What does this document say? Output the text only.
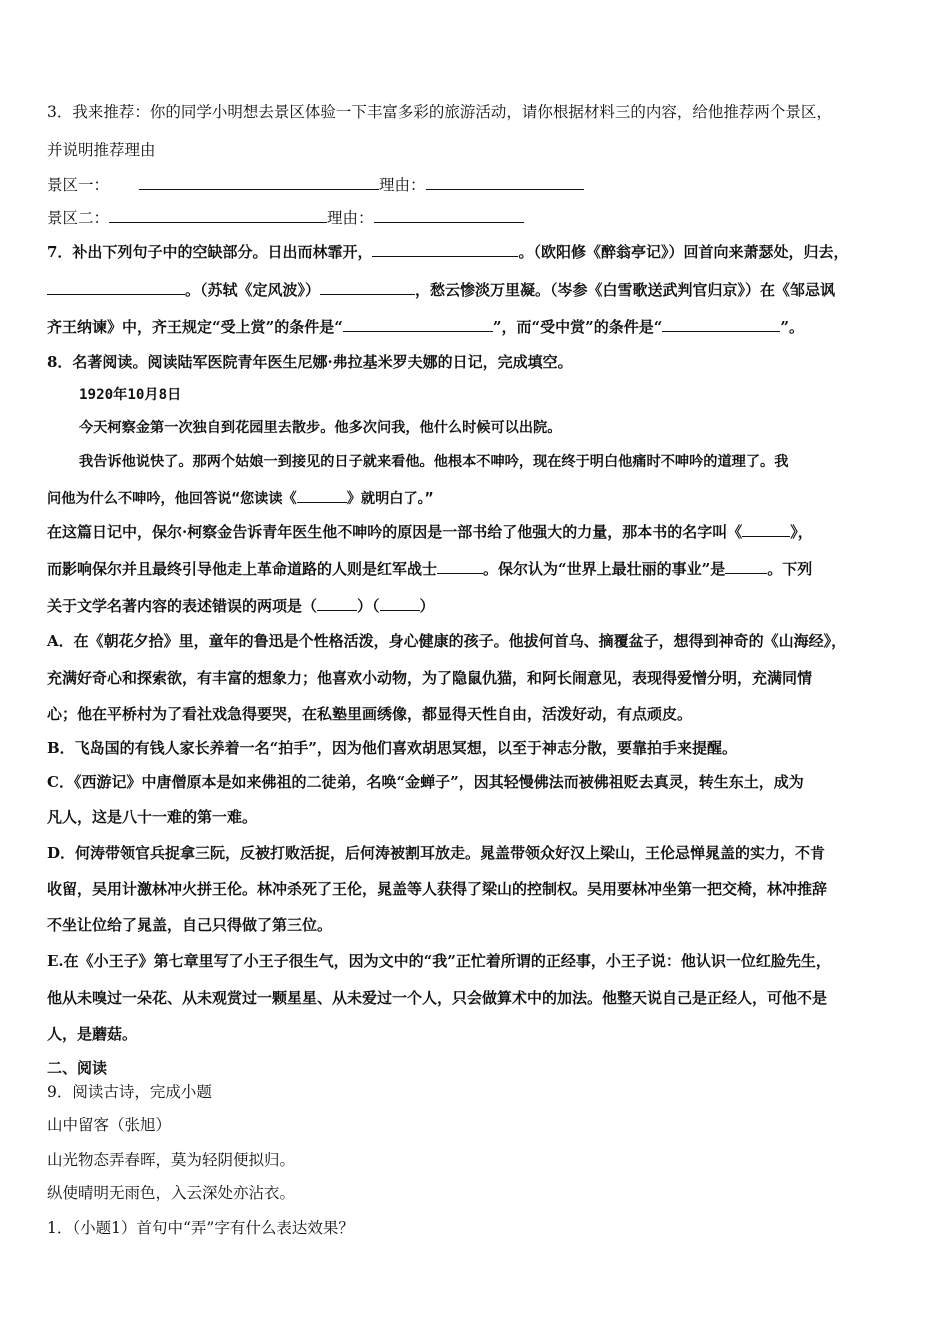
3．我来推荐：你的同学小明想去景区体验一下丰富多彩的旅游活动，请你根据材料三的内容，给他推荐两个景区，
并说明推荐理由
景区一：	理由：
景区二：	理由：
7．补出下列句子中的空缺部分。日出而林霏开，	。（欧阳修《醉翁亭记》）回首向来萧瑟处，归去，
。（苏轼《定风波》）	，愁云惨淡万里凝。（岑参《白雪歌送武判官归京》）在《邹忌讽
齐王纳谏》中，齐王规定“受上赏”的条件是“	”，而“受中赏”的条件是“	”。
8．名著阅读。阅读陆军医院青年医生尼娜·弗拉基米罗夫娜的日记，完成填空。
1920年10月8日
今天柯察金第一次独自到花园里去散步。他多次问我，他什么时候可以出院。
我告诉他说快了。那两个姑娘一到接见的日子就来看他。他根本不呻吟，现在终于明白他痛时不呻吟的道理了。我
问他为什么不呻吟，他回答说“您读读《	》就明白了。”
在这篇日记中，保尔·柯察金告诉青年医生他不呻吟的原因是一部书给了他强大的力量，那本书的名字叫《	》，
而影响保尔并且最终引导他走上革命道路的人则是红军战士	。保尔认为“世界上最壮丽的事业”是	。下列
关于文学名著内容的表述错误的两项是（	）（	）
A．在《朝花夕拾》里，童年的鲁迅是个性格活泼，身心健康的孩子。他拔何首乌、摘覆盆子，想得到神奇的《山海经》，
充满好奇心和探索欲，有丰富的想象力；他喜欢小动物，为了隐鼠仇猫，和阿长闹意见，表现得爱憎分明，充满同情
心；他在平桥村为了看社戏急得要哭，在私塾里画绣像，都显得天性自由，活泼好动，有点顽皮。
B．飞岛国的有钱人家长养着一名“拍手”，因为他们喜欢胡思冥想，以至于神志分散，要靠拍手来提醒。
C．《西游记》中唐僧原本是如来佛祖的二徒弟，名唤“金蝉子”，因其轻慢佛法而被佛祖贬去真灵，转生东土，成为
凡人，这是八十一难的第一难。
D．何涛带领官兵捉拿三阮，反被打败活捉，后何涛被割耳放走。晁盖带领众好汉上梁山，王伦忌惮晁盖的实力，不肯
收留，吴用计激林冲火拼王伦。林冲杀死了王伦，晁盖等人获得了梁山的控制权。吴用要林冲坐第一把交椅，林冲推辞
不坐让位给了晁盖，自己只得做了第三位。
E.在《小王子》第七章里写了小王子很生气，因为文中的“我”正忙着所谓的正经事，小王子说：他认识一位红脸先生，
他从未嗅过一朵花、从未观赏过一颗星星、从未爱过一个人，只会做算术中的加法。他整天说自己是正经人，可他不是
人，是蘑菇。
二、阅读
9．阅读古诗，完成小题
山中留客（张旭）
山光物态弄春晖，莫为轻阴便拟归。
纵使晴明无雨色，入云深处亦沾衣。
1．（小题1）首句中“弄”字有什么表达效果？
